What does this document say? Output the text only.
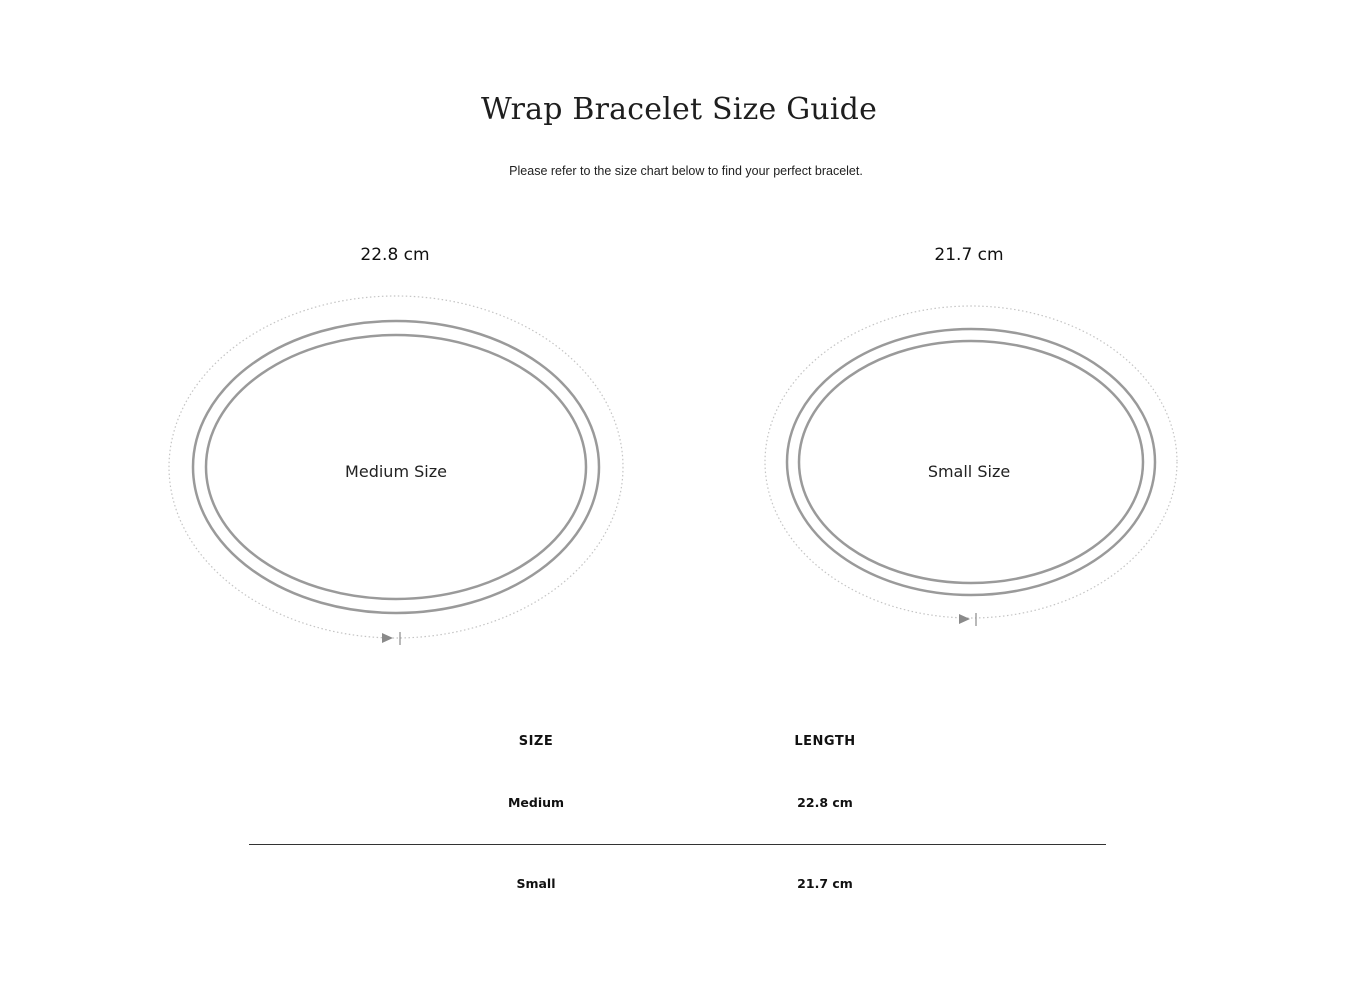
Wrap Bracelet Size Guide
Please refer to the size chart below to find your perfect bracelet.
22.8 cm
Medium Size
21.7 cm
Small Size
SIZE	LENGTH
Medium	22.8 cm
Small	21.7 cm
